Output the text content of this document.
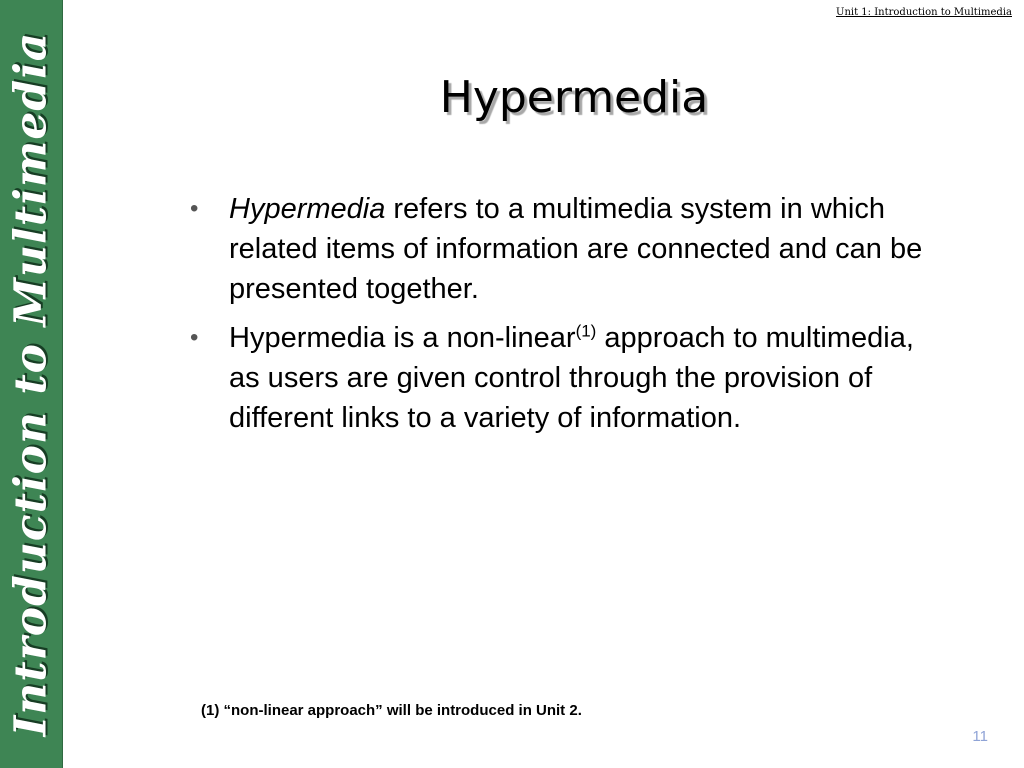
Introduction to Multimedia
Unit 1: Introduction to Multimedia
Hypermedia
• Hypermedia refers to a multimedia system in which related items of information are connected and can be presented together.
• Hypermedia is a non-linear$^{(1)}$ approach to multimedia, as users are given control through the provision of different links to a variety of information.
(1) “non-linear approach” will be introduced in Unit 2.
11
